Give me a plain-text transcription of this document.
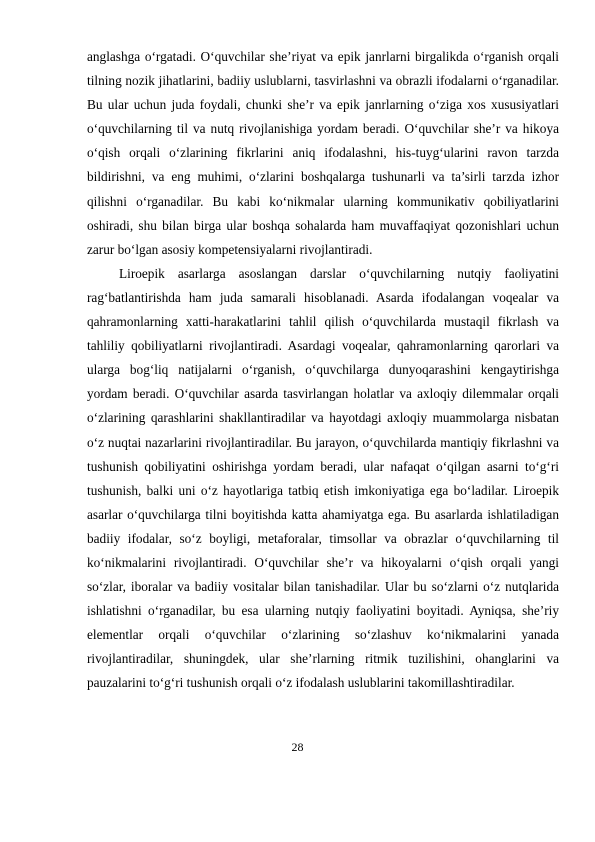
anglashga o‘rgatadi. O‘quvchilar she’riyat va epik janrlarni birgalikda o‘rganish orqali tilning nozik jihatlarini, badiiy uslublarni, tasvirlashni va obrazli ifodalarni o‘rganadilar. Bu ular uchun juda foydali, chunki she’r va epik janrlarning o‘ziga xos xususiyatlari o‘quvchilarning til va nutq rivojlanishiga yordam beradi. O‘quvchilar she’r va hikoya o‘qish orqali o‘zlarining fikrlarini aniq ifodalashni, his-tuyg‘ularini ravon tarzda bildirishni, va eng muhimi, o‘zlarini boshqalarga tushunarli va ta’sirli tarzda izhor qilishni o‘rganadilar. Bu kabi ko‘nikmalar ularning kommunikativ qobiliyatlarini oshiradi, shu bilan birga ular boshqa sohalarda ham muvaffaqiyat qozonishlari uchun zarur bo‘lgan asosiy kompetensiyalarni rivojlantiradi.

Liroepik asarlarga asoslangan darslar o‘quvchilarning nutqiy faoliyatini rag‘batlantirishda ham juda samarali hisoblanadi. Asarda ifodalangan voqealar va qahramonlarning xatti-harakatlarini tahlil qilish o‘quvchilarda mustaqil fikrlash va tahliliy qobiliyatlarni rivojlantiradi. Asardagi voqealar, qahramonlarning qarorlari va ularga bog‘liq natijalarni o‘rganish, o‘quvchilarga dunyoqarashini kengaytirishga yordam beradi. O‘quvchilar asarda tasvirlangan holatlar va axloqiy dilemmalar orqali o‘zlarining qarashlarini shakllantiradilar va hayotdagi axloqiy muammolarga nisbatan o‘z nuqtai nazarlarini rivojlantiradilar. Bu jarayon, o‘quvchilarda mantiqiy fikrlashni va tushunish qobiliyatini oshirishga yordam beradi, ular nafaqat o‘qilgan asarni to‘g‘ri tushunish, balki uni o‘z hayotlariga tatbiq etish imkoniyatiga ega bo‘ladilar. Liroepik asarlar o‘quvchilarga tilni boyitishda katta ahamiyatga ega. Bu asarlarda ishlatiladigan badiiy ifodalar, so‘z boyligi, metaforalar, timsollar va obrazlar o‘quvchilarning til ko‘nikmalarini rivojlantiradi. O‘quvchilar she’r va hikoyalarni o‘qish orqali yangi so‘zlar, iboralar va badiiy vositalar bilan tanishadilar. Ular bu so‘zlarni o‘z nutqlarida ishlatishni o‘rganadilar, bu esa ularning nutqiy faoliyatini boyitadi. Ayniqsa, she’riy elementlar orqali o‘quvchilar o‘zlarining so‘zlashuv ko‘nikmalarini yanada rivojlantiradilar, shuningdek, ular she’rlarning ritmik tuzilishini, ohanglarini va pauzalarini to‘g‘ri tushunish orqali o‘z ifodalash uslublarini takomillashtiradilar.

28
